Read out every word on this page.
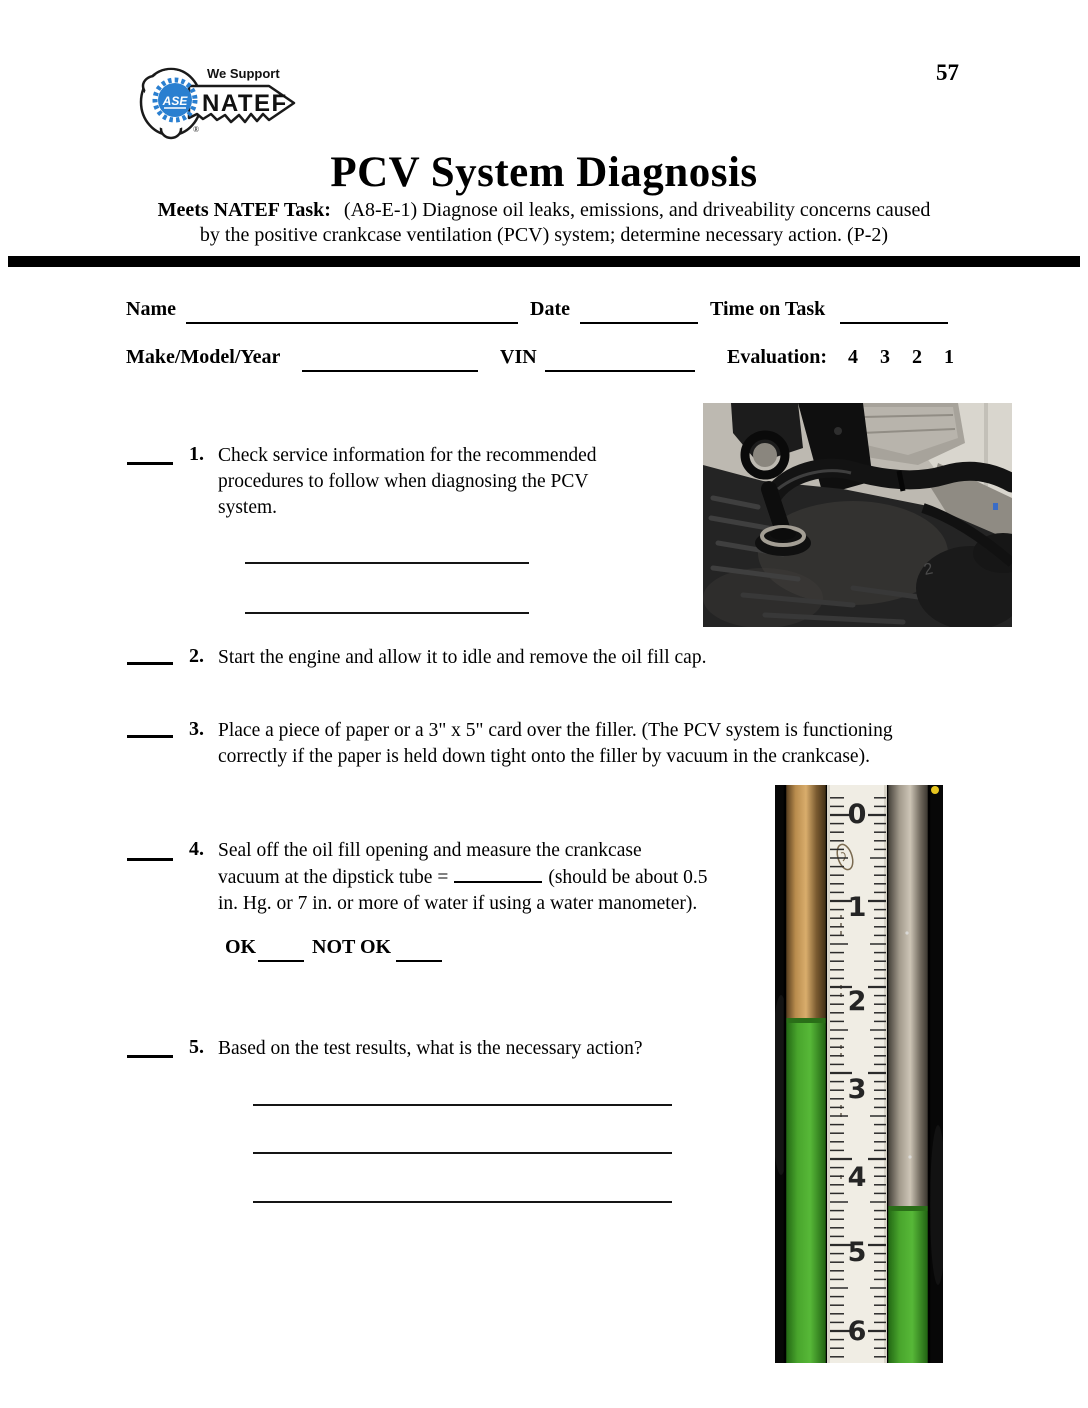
57
ASE
We Support
NATEF
®
PCV System Diagnosis
Meets NATEF Task: (A8-E-1) Diagnose oil leaks, emissions, and driveability concerns caused
by the positive crankcase ventilation (PCV) system; determine necessary action. (P-2)
Name	Date	Time on Task
Make/Model/Year	VIN	Evaluation: 4 3 2 1
1. Check service information for the recommended procedures to follow when diagnosing the PCV system.
2. Start the engine and allow it to idle and remove the oil fill cap.
3. Place a piece of paper or a 3" x 5" card over the filler. (The PCV system is functioning correctly if the paper is held down tight onto the filler by vacuum in the crankcase).
4. Seal off the oil fill opening and measure the crankcase
vacuum at the dipstick tube =	(should be about 0.5
in. Hg. or 7 in. or more of water if using a water manometer).
OK	NOT OK
5. Based on the test results, what is the necessary action?
2
0
1
2
3
4
5
6
